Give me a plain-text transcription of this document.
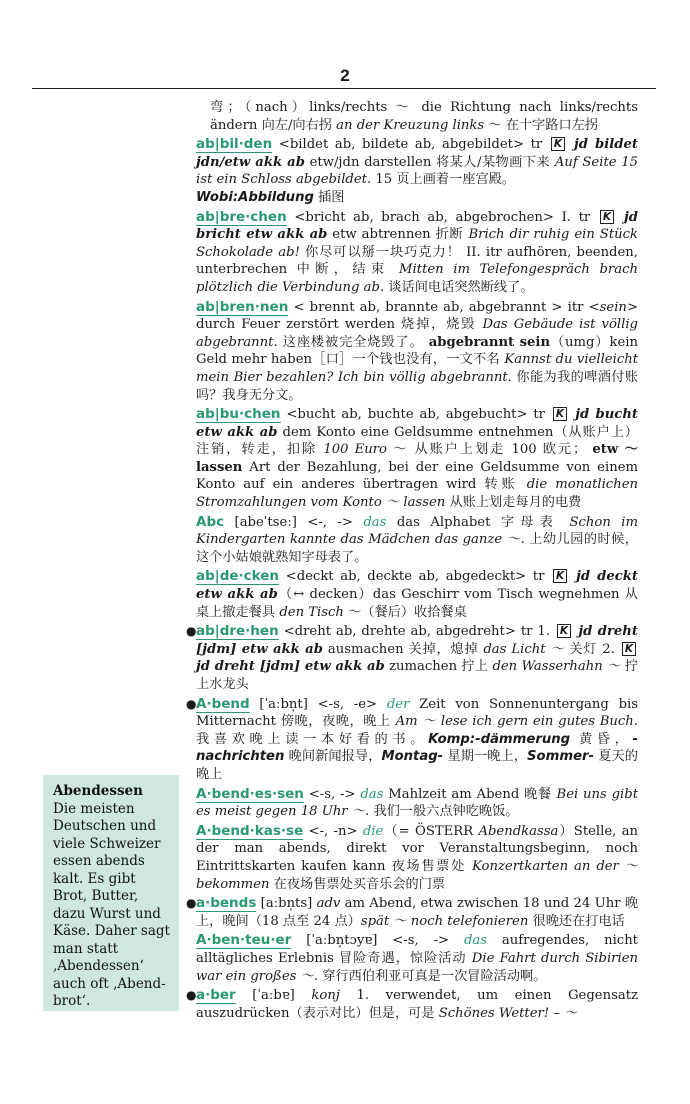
2
Abendessen
Die meisten Deutschen und viele Schweizer essen abends kalt. Es gibt Brot, Butter, dazu Wurst und Käse. Daher sagt man statt ‚Abendessen‘ auch oft ‚Abend-brot‘.
弯；（nach）links/rechts ～ die Richtung nach links/rechts ändern 向左/向右拐 an der Kreuzung links ～ 在十字路口左拐
ab|bil·den <bildet ab, bildete ab, abgebildet> tr K jd bildet jdn/etw akk ab etw/jdn darstellen 将某人/某物画下来 Auf Seite 15 ist ein Schloss abgebildet. 15 页上画着一座宫殿。
Wobi:Abbildung 插图
ab|bre·chen <bricht ab, brach ab, abgebrochen> I. tr K jd bricht etw akk ab etw abtrennen 折断 Brich dir ruhig ein Stück Schokolade ab! 你尽可以掰一块巧克力！ II. itr aufhören, beenden, unterbrechen 中断，结束 Mitten im Telefongespräch brach plötzlich die Verbindung ab. 谈话间电话突然断线了。
ab|bren·nen < brennt ab, brannte ab, abgebrannt > itr <sein> durch Feuer zerstört werden 烧掉，烧毁 Das Gebäude ist völlig abgebrannt. 这座楼被完全烧毁了。 abgebrannt sein（umg）kein Geld mehr haben［口］一个钱也没有，一文不名 Kannst du vielleicht mein Bier bezahlen? Ich bin völlig abgebrannt. 你能为我的啤酒付账吗？我身无分文。
ab|bu·chen <bucht ab, buchte ab, abgebucht> tr K jd bucht etw akk ab dem Konto eine Geldsumme entnehmen（从账户上）注销，转走，扣除 100 Euro ～ 从账户上划走 100 欧元； etw ～ lassen Art der Bezahlung, bei der eine Geldsumme von einem Konto auf ein anderes übertragen wird 转账 die monatlichen Stromzahlungen vom Konto ～ lassen 从账上划走每月的电费
Abc [abeˈtseː] <-, -> das das Alphabet 字母表 Schon im Kindergarten kannte das Mädchen das ganze ～. 上幼儿园的时候，这个小姑娘就熟知字母表了。
ab|de·cken <deckt ab, deckte ab, abgedeckt> tr K jd deckt etw akk ab（↔ decken）das Geschirr vom Tisch wegnehmen 从桌上撤走餐具 den Tisch ～（餐后）收拾餐桌
● ab|dre·hen <dreht ab, drehte ab, abgedreht> tr 1. K jd dreht [jdm] etw akk ab ausmachen 关掉，熄掉 das Licht ～ 关灯 2. K jd dreht [jdm] etw akk ab zumachen 拧上 den Wasserhahn ～ 拧上水龙头
● A·bend [ˈaːbn̩t] <-s, -e> der Zeit von Sonnenuntergang bis Mitternacht 傍晚，夜晚，晚上 Am ～ lese ich gern ein gutes Buch. 我喜欢晚上读一本好看的书。Komp:-dämmerung 黄昏，-nachrichten 晚间新闻报导，Montag- 星期一晚上，Sommer- 夏天的晚上
A·bend·es·sen <-s, -> das Mahlzeit am Abend 晚餐 Bei uns gibt es meist gegen 18 Uhr ～. 我们一般六点钟吃晚饭。
A·bend·kas·se <-, -n> die（= ÖSTERR Abendkassa）Stelle, an der man abends, direkt vor Veranstaltungsbeginn, noch Eintrittskarten kaufen kann 夜场售票处 Konzertkarten an der ～ bekommen 在夜场售票处买音乐会的门票
● a·bends [aːbn̩ts] adv am Abend, etwa zwischen 18 und 24 Uhr 晚上，晚间（18 点至 24 点）spät ～ noch telefonieren 很晚还在打电话
A·ben·teu·er [ˈaːbn̩tɔyɐ] <-s, -> das aufregendes, nicht alltägliches Erlebnis 冒险奇遇，惊险活动 Die Fahrt durch Sibirien war ein großes ～. 穿行西伯利亚可真是一次冒险活动啊。
● a·ber [ˈaːbɐ] konj 1. verwendet, um einen Gegensatz auszudrücken（表示对比）但是，可是 Schönes Wetter! – ～
